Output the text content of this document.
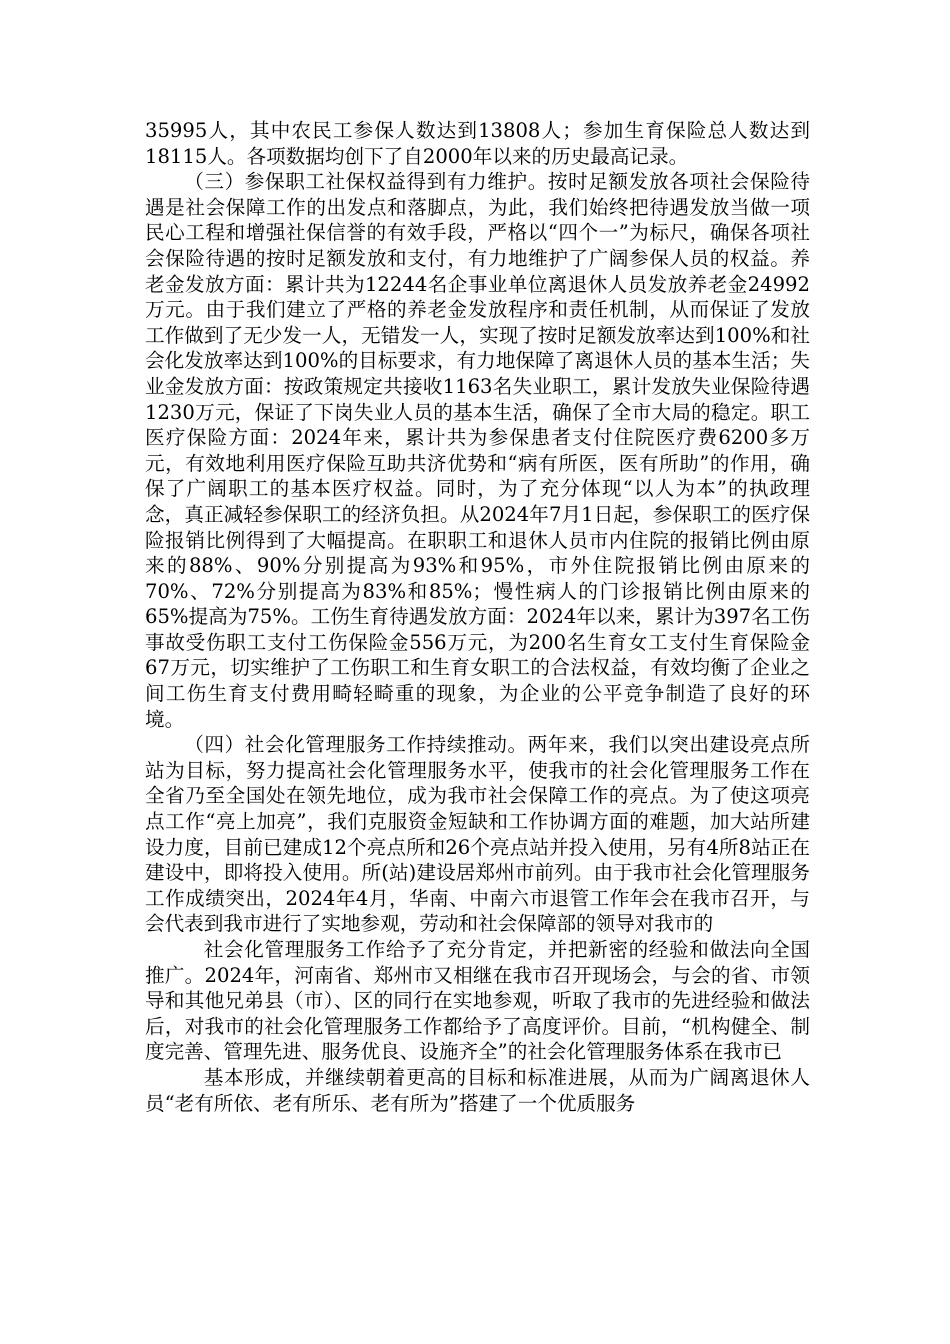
35995人，其中农民工参保人数达到13808人；参加生育保险总人数达到18115人。各项数据均创下了自2000年以来的历史最高记录。

（三）参保职工社保权益得到有力维护。按时足额发放各项社会保险待遇是社会保障工作的出发点和落脚点，为此，我们始终把待遇发放当做一项民心工程和增强社保信誉的有效手段，严格以“四个一”为标尺，确保各项社会保险待遇的按时足额发放和支付，有力地维护了广阔参保人员的权益。养老金发放方面：累计共为12244名企事业单位离退休人员发放养老金24992万元。由于我们建立了严格的养老金发放程序和责任机制，从而保证了发放工作做到了无少发一人，无错发一人，实现了按时足额发放率达到100%和社会化发放率达到100%的目标要求，有力地保障了离退休人员的基本生活；失业金发放方面：按政策规定共接收1163名失业职工，累计发放失业保险待遇1230万元，保证了下岗失业人员的基本生活，确保了全市大局的稳定。职工医疗保险方面：2024年来，累计共为参保患者支付住院医疗费6200多万元，有效地利用医疗保险互助共济优势和“病有所医，医有所助”的作用，确保了广阔职工的基本医疗权益。同时，为了充分体现“以人为本”的执政理念，真正减轻参保职工的经济负担。从2024年7月1日起，参保职工的医疗保险报销比例得到了大幅提高。在职职工和退休人员市内住院的报销比例由原来的88%、90%分别提高为93%和95%，市外住院报销比例由原来的70%、72%分别提高为83%和85%；慢性病人的门诊报销比例由原来的65%提高为75%。工伤生育待遇发放方面：2024年以来，累计为397名工伤事故受伤职工支付工伤保险金556万元，为200名生育女工支付生育保险金67万元，切实维护了工伤职工和生育女职工的合法权益，有效均衡了企业之间工伤生育支付费用畸轻畸重的现象，为企业的公平竞争制造了良好的环境。

（四）社会化管理服务工作持续推动。两年来，我们以突出建设亮点所站为目标，努力提高社会化管理服务水平，使我市的社会化管理服务工作在全省乃至全国处在领先地位，成为我市社会保障工作的亮点。为了使这项亮点工作“亮上加亮”，我们克服资金短缺和工作协调方面的难题，加大站所建设力度，目前已建成12个亮点所和26个亮点站并投入使用，另有4所8站正在建设中，即将投入使用。所(站)建设居郑州市前列。由于我市社会化管理服务工作成绩突出，2024年4月，华南、中南六市退管工作年会在我市召开，与会代表到我市进行了实地参观，劳动和社会保障部的领导对我市的

社会化管理服务工作给予了充分肯定，并把新密的经验和做法向全国推广。2024年，河南省、郑州市又相继在我市召开现场会，与会的省、市领导和其他兄弟县（市）、区的同行在实地参观，听取了我市的先进经验和做法后，对我市的社会化管理服务工作都给予了高度评价。目前，“机构健全、制度完善、管理先进、服务优良、设施齐全”的社会化管理服务体系在我市已

基本形成，并继续朝着更高的目标和标准进展，从而为广阔离退休人员“老有所依、老有所乐、老有所为”搭建了一个优质服务
